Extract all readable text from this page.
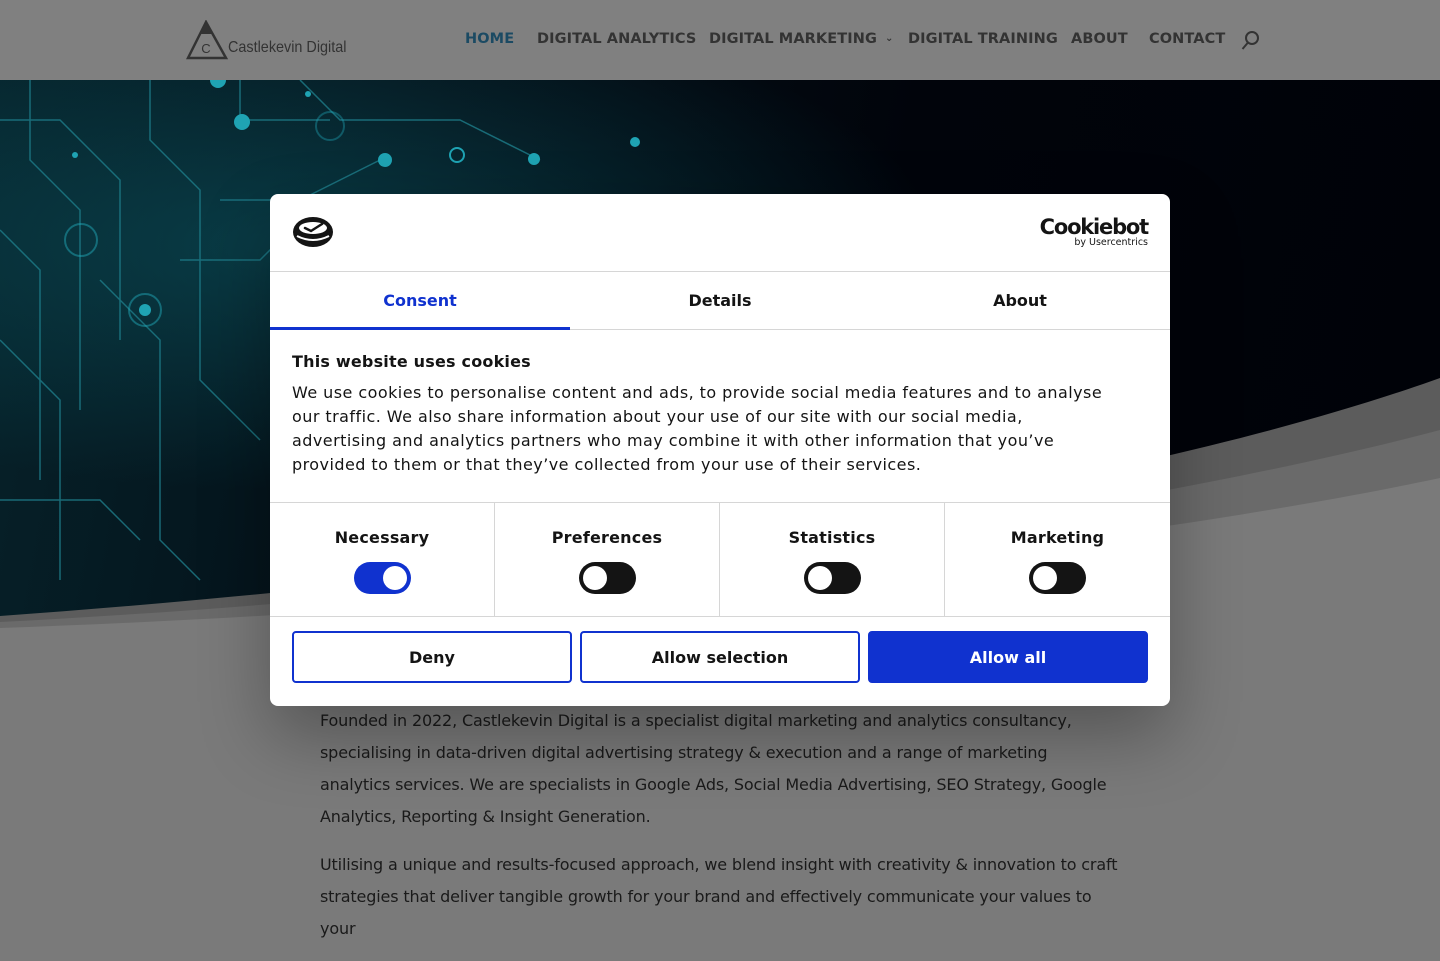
C Castlekevin Digital	HOME DIGITAL ANALYTICS DIGITAL MARKETING ⌄ DIGITAL TRAINING ABOUT CONTACT

Founded in 2022, Castlekevin Digital is a specialist digital marketing and analytics consultancy, specialising in data-driven digital advertising strategy & execution and a range of marketing analytics services. We are specialists in Google Ads, Social Media Advertising, SEO Strategy, Google Analytics, Reporting & Insight Generation.

Utilising a unique and results-focused approach, we blend insight with creativity & innovation to craft strategies that deliver tangible growth for your brand and effectively communicate your values to your

Cookiebot
by Usercentrics
Consent	Details	About
This website uses cookies

We use cookies to personalise content and ads, to provide social media features and to analyse our traffic. We also share information about your use of our site with our social media, advertising and analytics partners who may combine it with other information that you’ve provided to them or that they’ve collected from your use of their services.

Necessary	Preferences	Statistics	Marketing
Deny	Allow selection	Allow all
